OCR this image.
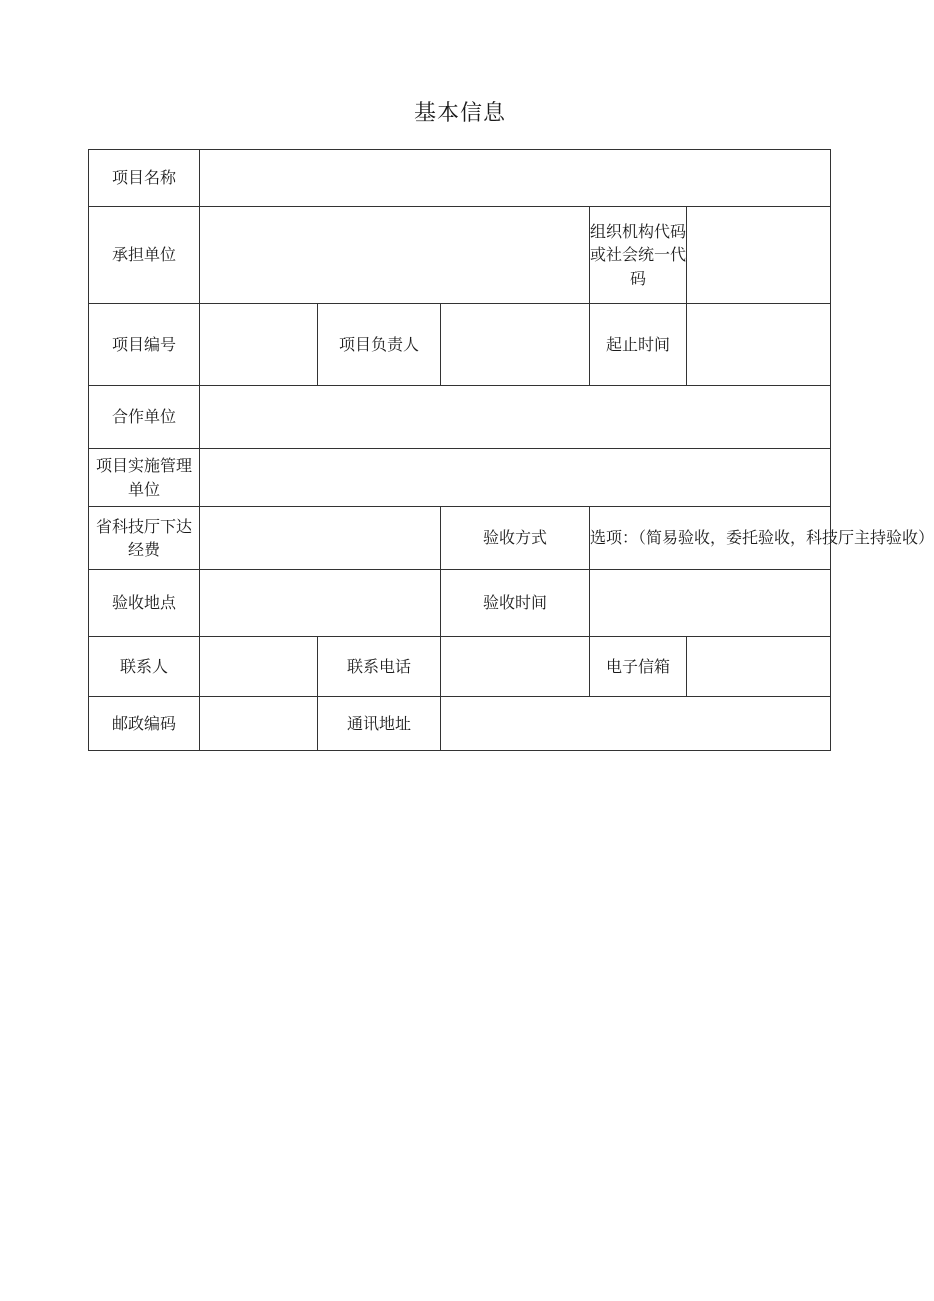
基本信息
项目名称					
承担单位				组织机构代码或社会统一代码	
项目编号		项目负责人		起止时间	
合作单位					
项目实施管理单位					
省科技厅下达经费			验收方式	选项：（简易验收，委托验收，科技厅主持验收）	
验收地点			验收时间		
联系人		联系电话		电子信箱	
邮政编码		通讯地址			
